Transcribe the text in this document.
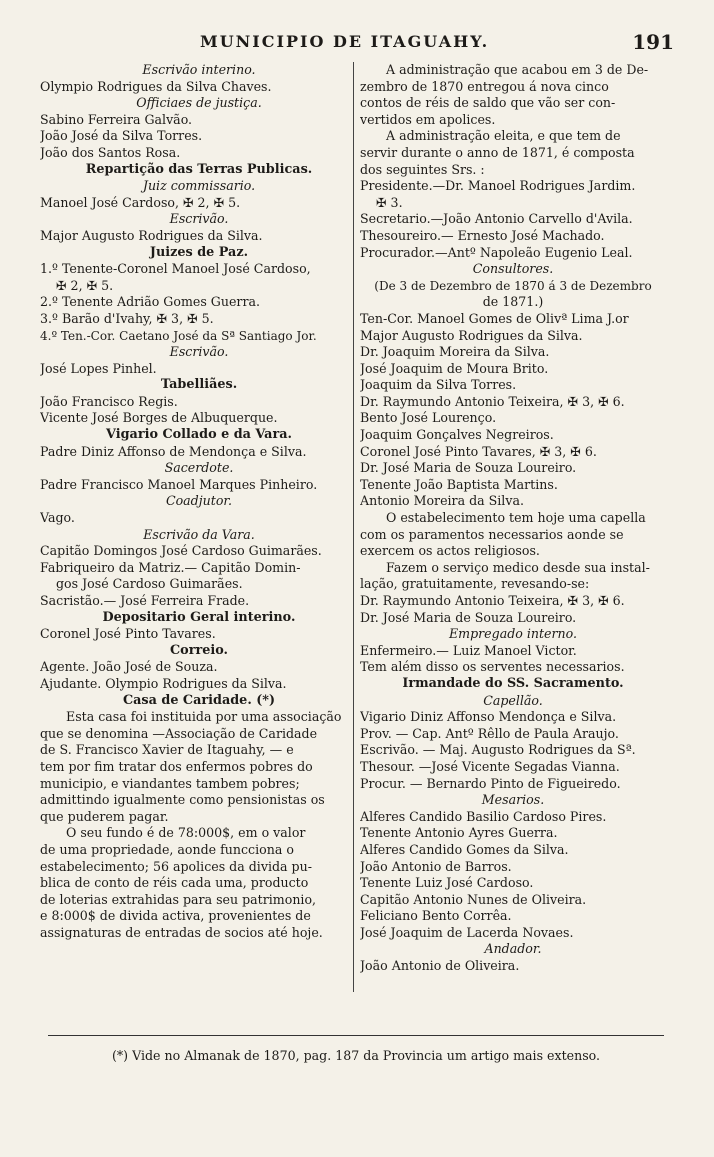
MUNICIPIO DE ITAGUAHY.	191
Escrivão interino.
Olympio Rodrigues da Silva Chaves.
Officiaes de justiça.
Sabino Ferreira Galvão.
João José da Silva Torres.
João dos Santos Rosa.
Repartição das Terras Publicas.
Juiz commissario.
Manoel José Cardoso, ✠ 2, ✠ 5.
Escrivão.
Major Augusto Rodrigues da Silva.
Juizes de Paz.
1.º Tenente-Coronel Manoel José Cardoso,
✠ 2, ✠ 5.
2.º Tenente Adrião Gomes Guerra.
3.º Barão d'Ivahy, ✠ 3, ✠ 5.
4.º Ten.-Cor. Caetano José da Sª Santiago Jor.
Escrivão.
José Lopes Pinhel.
Tabelliães.
João Francisco Regis.
Vicente José Borges de Albuquerque.
Vigario Collado e da Vara.
Padre Diniz Affonso de Mendonça e Silva.
Sacerdote.
Padre Francisco Manoel Marques Pinheiro.
Coadjutor.
Vago.
Escrivão da Vara.
Capitão Domingos José Cardoso Guimarães.
Fabriqueiro da Matriz.— Capitão Domin-
gos José Cardoso Guimarães.
Sacristão.— José Ferreira Frade.
Depositario Geral interino.
Coronel José Pinto Tavares.
Correio.
Agente. João José de Souza.
Ajudante. Olympio Rodrigues da Silva.
Casa de Caridade. (*)
Esta casa foi instituida por uma associação
que se denomina —Associação de Caridade
de S. Francisco Xavier de Itaguahy, — e
tem por fim tratar dos enfermos pobres do
municipio, e viandantes tambem pobres;
admittindo igualmente como pensionistas os
que puderem pagar.
O seu fundo é de 78:000$, em o valor
de uma propriedade, aonde funcciona o
estabelecimento; 56 apolices da divida pu-
blica de conto de réis cada uma, producto
de loterias extrahidas para seu patrimonio,
e 8:000$ de divida activa, provenientes de
assignaturas de entradas de socios até hoje.
A administração que acabou em 3 de De-
zembro de 1870 entregou á nova cinco
contos de réis de saldo que vão ser con-
vertidos em apolices.
A administração eleita, e que tem de
servir durante o anno de 1871, é composta
dos seguintes Srs. :
Presidente.—Dr. Manoel Rodrigues Jardim.
✠ 3.
Secretario.—João Antonio Carvello d'Avila.
Thesoureiro.— Ernesto José Machado.
Procurador.—Antº Napoleão Eugenio Leal.
Consultores.
(De 3 de Dezembro de 1870 á 3 de Dezembro
de 1871.)
Ten-Cor. Manoel Gomes de Olivª Lima J.or
Major Augusto Rodrigues da Silva.
Dr. Joaquim Moreira da Silva.
José Joaquim de Moura Brito.
Joaquim da Silva Torres.
Dr. Raymundo Antonio Teixeira, ✠ 3, ✠ 6.
Bento José Lourenço.
Joaquim Gonçalves Negreiros.
Coronel José Pinto Tavares, ✠ 3, ✠ 6.
Dr. José Maria de Souza Loureiro.
Tenente João Baptista Martins.
Antonio Moreira da Silva.
O estabelecimento tem hoje uma capella
com os paramentos necessarios aonde se
exercem os actos religiosos.
Fazem o serviço medico desde sua instal-
lação, gratuitamente, revesando-se:
Dr. Raymundo Antonio Teixeira, ✠ 3, ✠ 6.
Dr. José Maria de Souza Loureiro.
Empregado interno.
Enfermeiro.— Luiz Manoel Victor.
Tem além disso os serventes necessarios.
Irmandade do SS. Sacramento.
Capellão.
Vigario Diniz Affonso Mendonça e Silva.
Prov. — Cap. Antº Rêllo de Paula Araujo.
Escrivão. — Maj. Augusto Rodrigues da Sª.
Thesour. —José Vicente Segadas Vianna.
Procur. — Bernardo Pinto de Figueiredo.
Mesarios.
Alferes Candido Basilio Cardoso Pires.
Tenente Antonio Ayres Guerra.
Alferes Candido Gomes da Silva.
João Antonio de Barros.
Tenente Luiz José Cardoso.
Capitão Antonio Nunes de Oliveira.
Feliciano Bento Corrêa.
José Joaquim de Lacerda Novaes.
Andador.
João Antonio de Oliveira.
(*) Vide no Almanak de 1870, pag. 187 da Provincia um artigo mais extenso.
